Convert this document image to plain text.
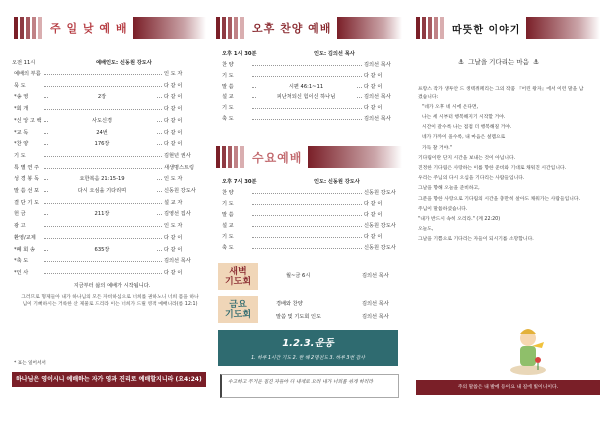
주 일 낮 예 배
오전 11시	예배인도: 신동원 강도사
예배의 부름	인 도 자
묵 도	다 같 이
*송 영	2장	다 같 이
*회 개	다 같 이
*신 앙 고 백	사도신경	다 같 이
*교 독	24번	다 같 이
*찬 양	176장	다 같 이
기 도	김현년 권사
특 별 연 주	새생명스트링
성 경 봉 독	요한복음 21:15-19	인 도 자
말 씀 선 포	다시 오심을 기다리며	신동원 강도사
결 단 기 도	설 교 자
헌 금	211장	김영선 집사
광 고	인 도 자
환영/교제	다 같 이
*폐 회 송	635장	다 같 이
*축 도	김의선 목사
*인 사	다 같 이
지금부터 삶의 예배가 시작됩니다.
그러므로 형제들아 내가 하나님의 모든 자비하심으로 너희를 권하노니 너희 몸을 하나님이 기뻐하시는 거룩한 산 제물로 드리라 이는 너희가 드릴 영적 예배니라(롬 12:1)
* 표는 일어서서
하나님은 영이시니 예배하는 자가 영과 진리로 예배할지니라 (요4:24)
오후 찬양 예배
오후 1시 30분	인도: 김의선 목사
찬 양	김의선 목사
기 도	다 같 이
말 씀	시편 46:1~11	다 같 이
설 교	피난처되신 힘이신 하나님	김의선 목사
기 도	다 같 이
축 도	김의선 목사
수요예배
오후 7시 30분	인도: 신동원 강도사
찬 양	신동원 강도사
기 도	다 같 이
말 씀	다 같 이
설 교	신동원 강도사
기 도	다 같 이
축 도	신동원 강도사
새벽
기도회
월~금 6시	김의선 목사
금요
기도회
경배와 찬양	김의선 목사
말씀 및 기도회 인도	김의선 목사
1.2.3.운동
1. 하루 1시간 기도 2. 한 해 2명전도 3. 하루 3번 감사
수고하고 무거운 짐진 자들아 다 내게로 오라 내가 너희를 쉬게 하리라
따뜻한 이야기
⚓ 그날을 기다리는 마음 ⚓
프랑스 작가 생투안 드 생텍쥐페리는 그의 작품 『어린 왕자』에서 이런 말을 남겼습니다:
"네가 오후 네 시에 온다면,
나는 세 시부터 행복해지기 시작할 거야.
시간이 갈수록 나는 점점 더 행복해질 거야.
네가 가까이 올수록, 내 마음은 설렘으로
가득 찰 거야."
기다림이란 단지 시간을 보내는 것이 아닙니다.
진정한 기다림은 사랑하는 이를 향한 준비와 기대로 채워진 시간입니다.
우리는 주님의 다시 오심을 기다리는 사람들입니다.
그날을 향해 오늘을 준비하고,
그분을 향한 사랑으로 기다림의 시간을 충만히 살아도 채워가는 사람들입니다.
주님이 말씀하셨습니다.
"내가 반드시 속히 오리라." (계 22:20)
오늘도,
그날을 기쁨으로 기다리는 자들이 되시기를 소망합니다.
주의 말씀은 내 발에 등이요 내 길에 빛이니이다.
